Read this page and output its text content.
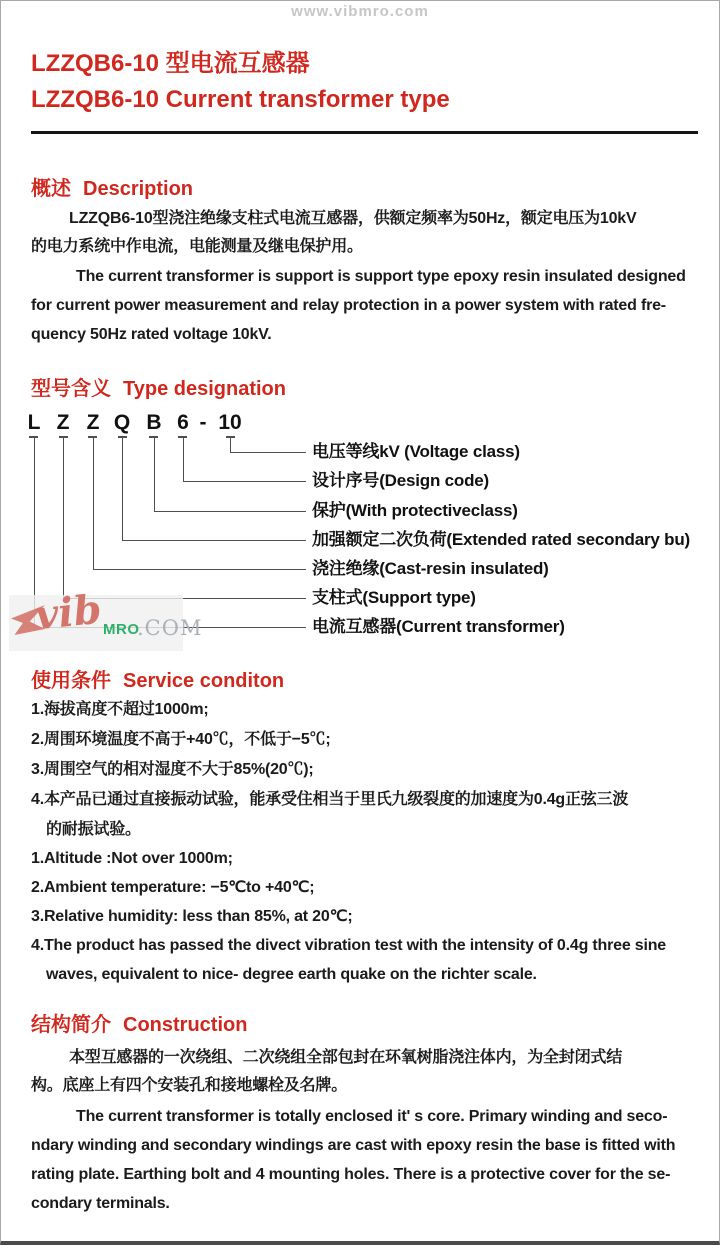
www.vibmro.com
LZZQB6-10 型电流互感器
LZZQB6-10 Current transformer type
概述 Description
LZZQB6-10型浇注绝缘支柱式电流互感器，供额定频率为50Hz，额定电压为10kV
的电力系统中作电流，电能测量及继电保护用。
The current transformer is support is support type epoxy resin insulated designed
for current power measurement and relay protection in a power system with rated fre-
quency 50Hz rated voltage 10kV.
型号含义 Type designation
L Z Z Q B 6 - 10
电压等线kV (Voltage class)
设计序号(Design code)
保护(With protectiveclass)
加强额定二次负荷(Extended rated secondary bu)
浇注绝缘(Cast-resin insulated)
支柱式(Support type)
电流互感器(Current transformer)
vib MRO
.COM
使用条件 Service conditon
1.海拔高度不超过1000m;
2.周围环境温度不高于+40℃，不低于−5℃;
3.周围空气的相对湿度不大于85%(20℃);
4.本产品已通过直接振动试验，能承受住相当于里氏九级裂度的加速度为0.4g正弦三波
的耐振试验。
1.Altitude :Not over 1000m;
2.Ambient temperature: −5℃to +40℃;
3.Relative humidity: less than 85%, at 20℃;
4.The product has passed the divect vibration test with the intensity of 0.4g three sine
waves, equivalent to nice- degree earth quake on the richter scale.
结构简介 Construction
本型互感器的一次绕组、二次绕组全部包封在环氧树脂浇注体内，为全封闭式结
构。底座上有四个安装孔和接地螺栓及名牌。
The current transformer is totally enclosed it' s core. Primary winding and seco-
ndary winding and secondary windings are cast with epoxy resin the base is fitted with
rating plate. Earthing bolt and 4 mounting holes. There is a protective cover for the se-
condary terminals.
